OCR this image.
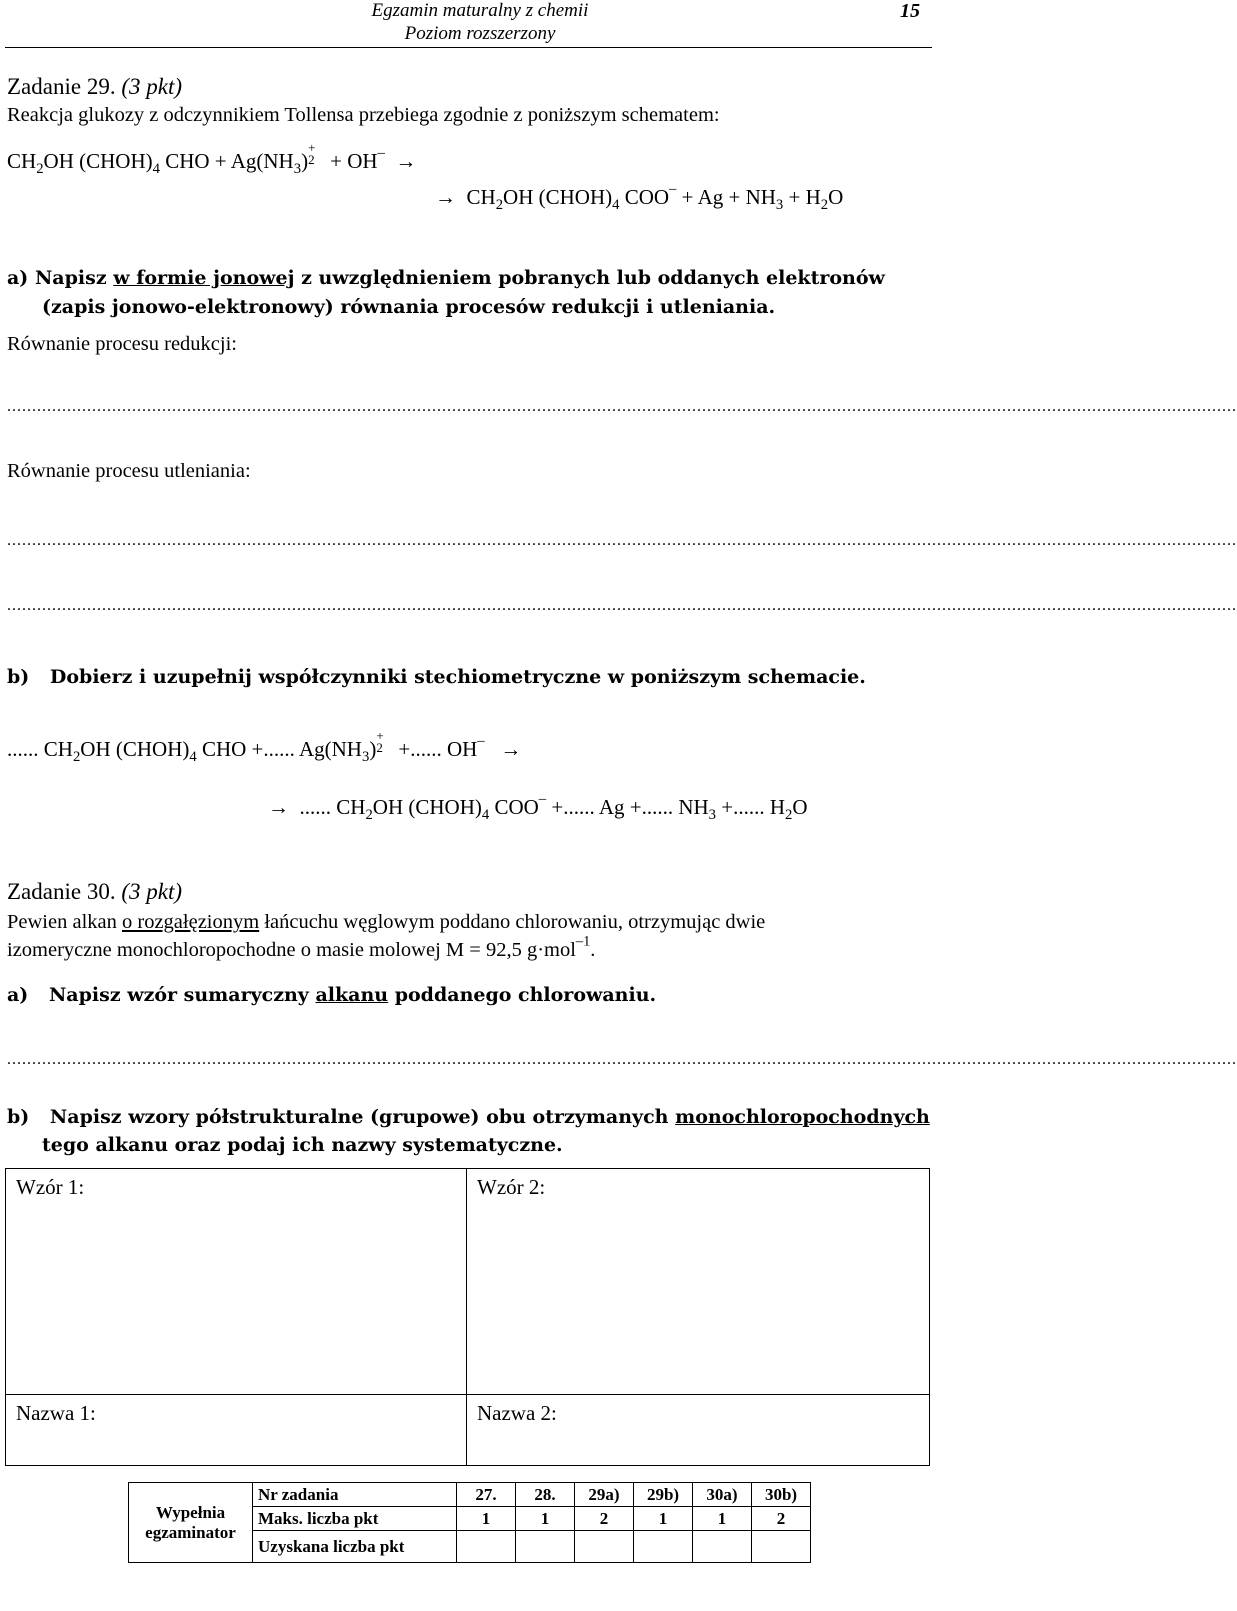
Egzamin maturalny z chemii
Poziom rozszerzony
15
Zadanie 29. (3 pkt)
Reakcja glukozy z odczynnikiem Tollensa przebiega zgodnie z poniższym schematem:
$CH_2OH$ $(CHOH)_4$ CHO + $Ag(NH_3)$
+
2 + OH–  →
→  $CH_2OH$ $(CHOH)_4$ $COO^- + Ag + NH_3 + H_2O$
a) Napisz w formie jonowej z uwzględnieniem pobranych lub oddanych elektronów
(zapis jonowo-elektronowy) równania procesów redukcji i utleniania.
Równanie procesu redukcji:
......................................................................................................................................................................................................................................................
Równanie procesu utleniania:
......................................................................................................................................................................................................................................................
......................................................................................................................................................................................................................................................
b) Dobierz i uzupełnij współczynniki stechiometryczne w poniższym schemacie.
...... $CH_2OH$ $(CHOH)_4$ CHO +...... $Ag(NH_3)$
+
2 +...... OH–   →
→  ...... $CH_2OH$ $(CHOH)_4$ COO– +...... Ag +...... $NH_3$ +...... $H_2O$
Zadanie 30. (3 pkt)
Pewien alkan o rozgałęzionym łańcuchu węglowym poddano chlorowaniu, otrzymując dwie
izomeryczne monochloropochodne o masie molowej M = 92,5 g·mol$^{-1}$.
a) Napisz wzór sumaryczny alkanu poddanego chlorowaniu.
......................................................................................................................................................................................................................................................
b) Napisz wzory półstrukturalne (grupowe) obu otrzymanych monochloropochodnych
tego alkanu oraz podaj ich nazwy systematyczne.
Wzór 1:	Wzór 2:
Nazwa 1:	Nazwa 2:
Wypełnia
egzaminator	Nr zadania	27.	28.	29a)	29b)	30a)	30b)
	Maks. liczba pkt	1	1	2	1	1	2
	Uzyskana liczba pkt						
